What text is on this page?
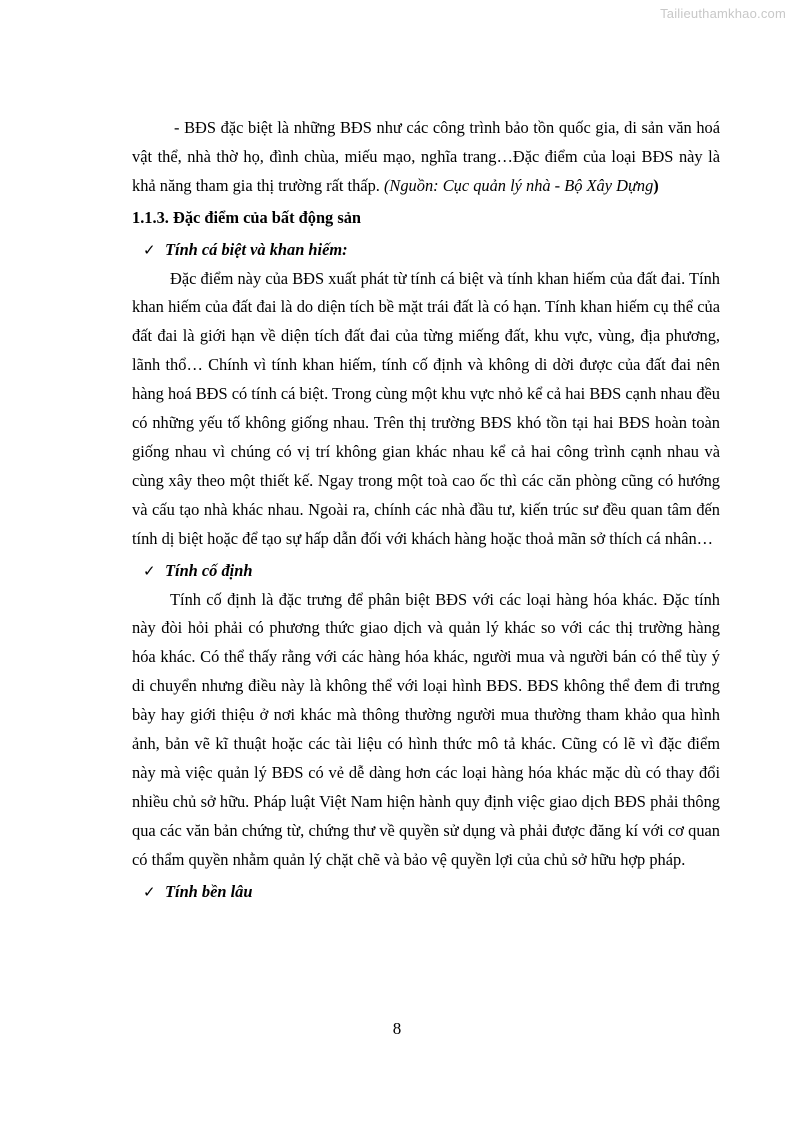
Tailieuthamkhao.com

- BĐS đặc biệt là những BĐS như các công trình bảo tồn quốc gia, di sản văn hoá vật thể, nhà thờ họ, đình chùa, miếu mạo, nghĩa trang…Đặc điểm của loại BĐS này là khả năng tham gia thị trường rất thấp. (Nguồn: Cục quản lý nhà - Bộ Xây Dựng)

1.1.3. Đặc điểm của bất động sản
✓ Tính cá biệt và khan hiếm:

Đặc điểm này của BĐS xuất phát từ tính cá biệt và tính khan hiếm của đất đai. Tính khan hiếm của đất đai là do diện tích bề mặt trái đất là có hạn. Tính khan hiếm cụ thể của đất đai là giới hạn về diện tích đất đai của từng miếng đất, khu vực, vùng, địa phương, lãnh thổ… Chính vì tính khan hiếm, tính cố định và không di dời được của đất đai nên hàng hoá BĐS có tính cá biệt. Trong cùng một khu vực nhỏ kể cả hai BĐS cạnh nhau đều có những yếu tố không giống nhau. Trên thị trường BĐS khó tồn tại hai BĐS hoàn toàn giống nhau vì chúng có vị trí không gian khác nhau kể cả hai công trình cạnh nhau và cùng xây theo một thiết kế. Ngay trong một toà cao ốc thì các căn phòng cũng có hướng và cấu tạo nhà khác nhau. Ngoài ra, chính các nhà đầu tư, kiến trúc sư đều quan tâm đến tính dị biệt hoặc để tạo sự hấp dẫn đối với khách hàng hoặc thoả mãn sở thích cá nhân…

✓ Tính cố định

Tính cố định là đặc trưng để phân biệt BĐS với các loại hàng hóa khác. Đặc tính này đòi hỏi phải có phương thức giao dịch và quản lý khác so với các thị trường hàng hóa khác. Có thể thấy rằng với các hàng hóa khác, người mua và người bán có thể tùy ý di chuyển nhưng điều này là không thể với loại hình BĐS. BĐS không thể đem đi trưng bày hay giới thiệu ở nơi khác mà thông thường người mua thường tham khảo qua hình ảnh, bản vẽ kĩ thuật hoặc các tài liệu có hình thức mô tả khác. Cũng có lẽ vì đặc điểm này mà việc quản lý BĐS có vẻ dễ dàng hơn các loại hàng hóa khác mặc dù có thay đổi nhiều chủ sở hữu. Pháp luật Việt Nam hiện hành quy định việc giao dịch BĐS phải thông qua các văn bản chứng từ, chứng thư về quyền sử dụng và phải được đăng kí với cơ quan có thẩm quyền nhằm quản lý chặt chẽ và bảo vệ quyền lợi của chủ sở hữu hợp pháp.

✓ Tính bền lâu
8
